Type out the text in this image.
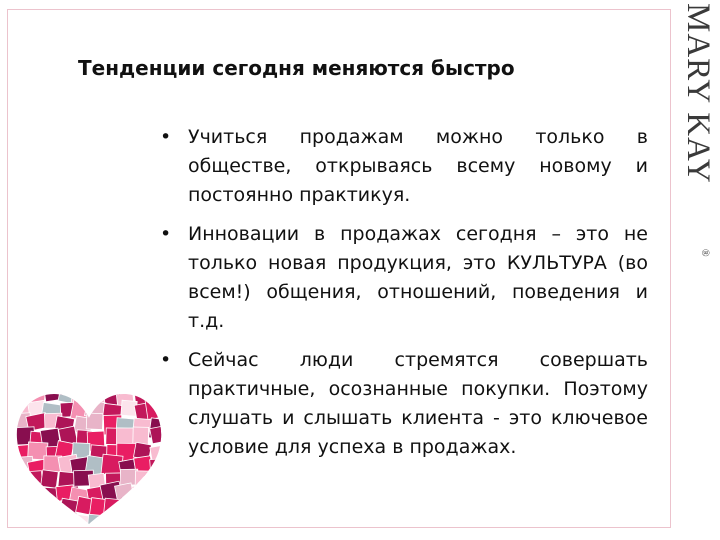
Тенденции сегодня меняются быстро
• Учиться продажам можно только в обществе, открываясь всему новому и постоянно практикуя.
• Инновации в продажах сегодня – это не только новая продукция, это КУЛЬТУРА (во всем!) общения, отношений, поведения и т.д.
• Сейчас люди стремятся совершать практичные, осознанные покупки. Поэтому слушать и слышать клиента - это ключевое условие для успеха в продажах.
MARY KAY
®
